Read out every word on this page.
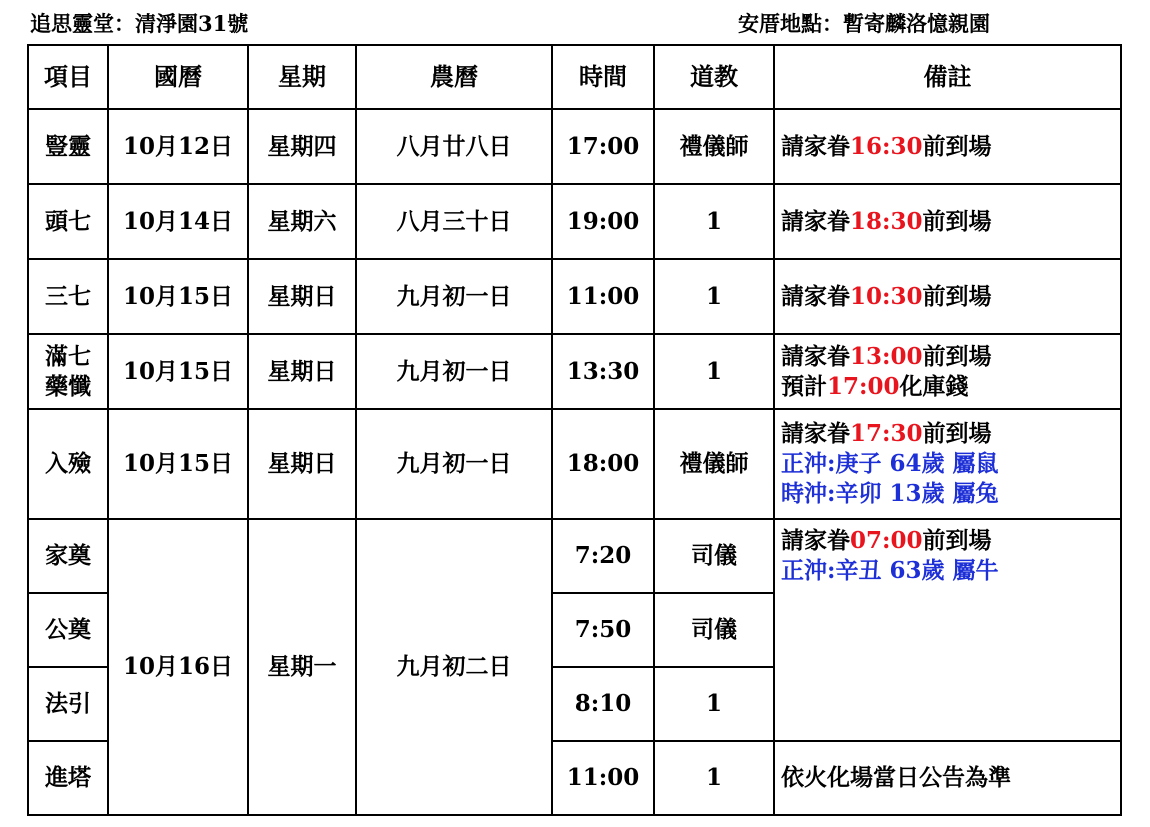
追思靈堂：清淨園31號	安厝地點：暫寄麟洛憶親園
項目	國曆	星期	農曆	時間	道教	備註
豎靈	10月12日	星期四	八月廿八日	17:00	禮儀師	請家眷16:30前到場

頭七	10月14日	星期六	八月三十日	19:00	1	請家眷18:30前到場

三七	10月15日	星期日	九月初一日	11:00	1	請家眷10:30前到場

滿七
藥懺	10月15日	星期日	九月初一日	13:30	1	請家眷13:00前到場
預計17:00化庫錢

入殮	10月15日	星期日	九月初一日	18:00	禮儀師	請家眷17:30前到場
正沖:庚子 64歲 屬鼠
時沖:辛卯 13歲 屬兔

家奠	10月16日	星期一	九月初二日	7:20	司儀	請家眷07:00前到場
正沖:辛丑 63歲 屬牛

公奠				7:50	司儀	
法引				8:10	1	
進塔				11:00	1	依火化場當日公告為準
